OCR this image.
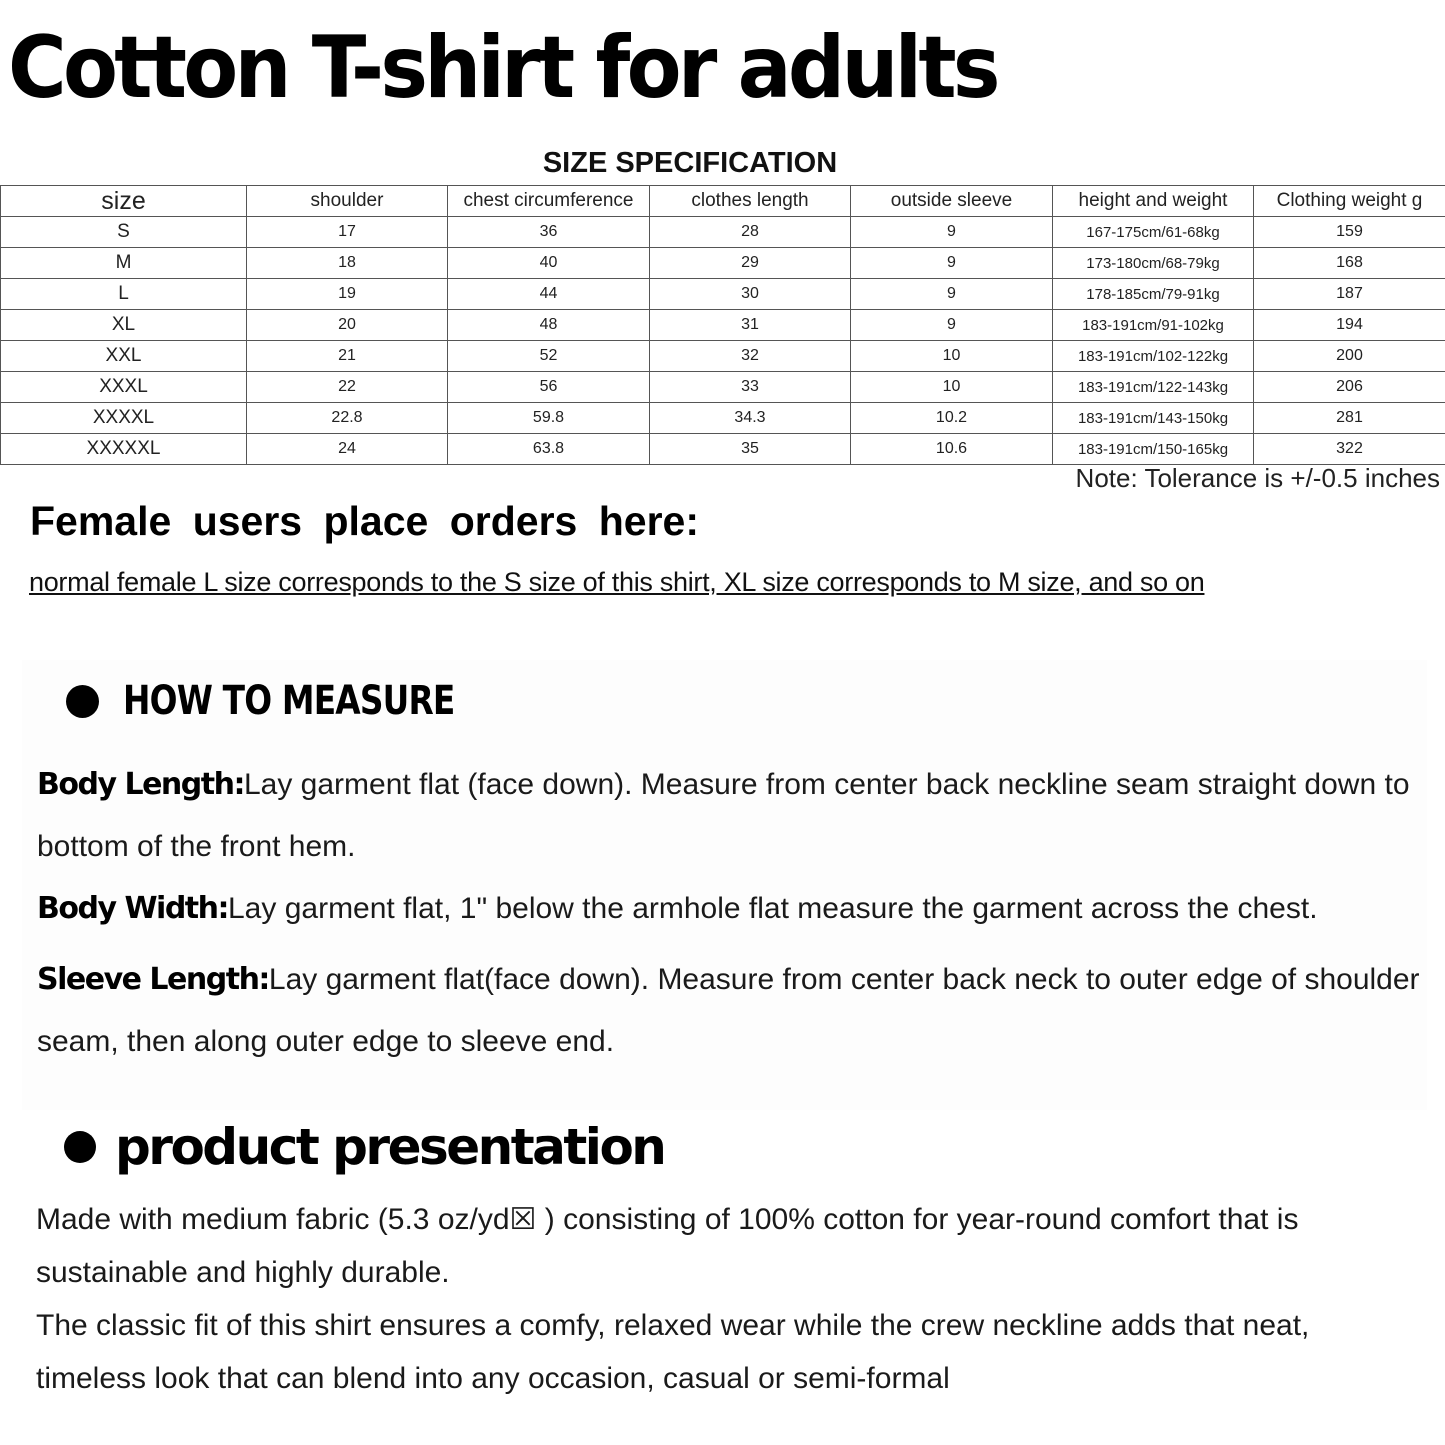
Cotton T-shirt for adults
SIZE SPECIFICATION
size	shoulder	chest circumference	clothes length	outside sleeve	height and weight	Clothing weight g
S	17	36	28	9	167-175cm/61-68kg	159
M	18	40	29	9	173-180cm/68-79kg	168
L	19	44	30	9	178-185cm/79-91kg	187
XL	20	48	31	9	183-191cm/91-102kg	194
XXL	21	52	32	10	183-191cm/102-122kg	200
XXXL	22	56	33	10	183-191cm/122-143kg	206
XXXXL	22.8	59.8	34.3	10.2	183-191cm/143-150kg	281
XXXXXL	24	63.8	35	10.6	183-191cm/150-165kg	322
Note: Tolerance is +/-0.5 inches
Female users place orders here:
normal female L size corresponds to the S size of this shirt, XL size corresponds to M size, and so on
HOW TO MEASURE
Body Length:Lay garment flat (face down). Measure from center back neckline seam straight down to bottom of the front hem.
Body Width:Lay garment flat, 1" below the armhole flat measure the garment across the chest.
Sleeve Length:Lay garment flat(face down). Measure from center back neck to outer edge of shoulder seam, then along outer edge to sleeve end.
product presentation
Made with medium fabric (5.3 oz/yd☒ ) consisting of 100% cotton for year-round comfort that is sustainable and highly durable.
The classic fit of this shirt ensures a comfy, relaxed wear while the crew neckline adds that neat, timeless look that can blend into any occasion, casual or semi-formal
